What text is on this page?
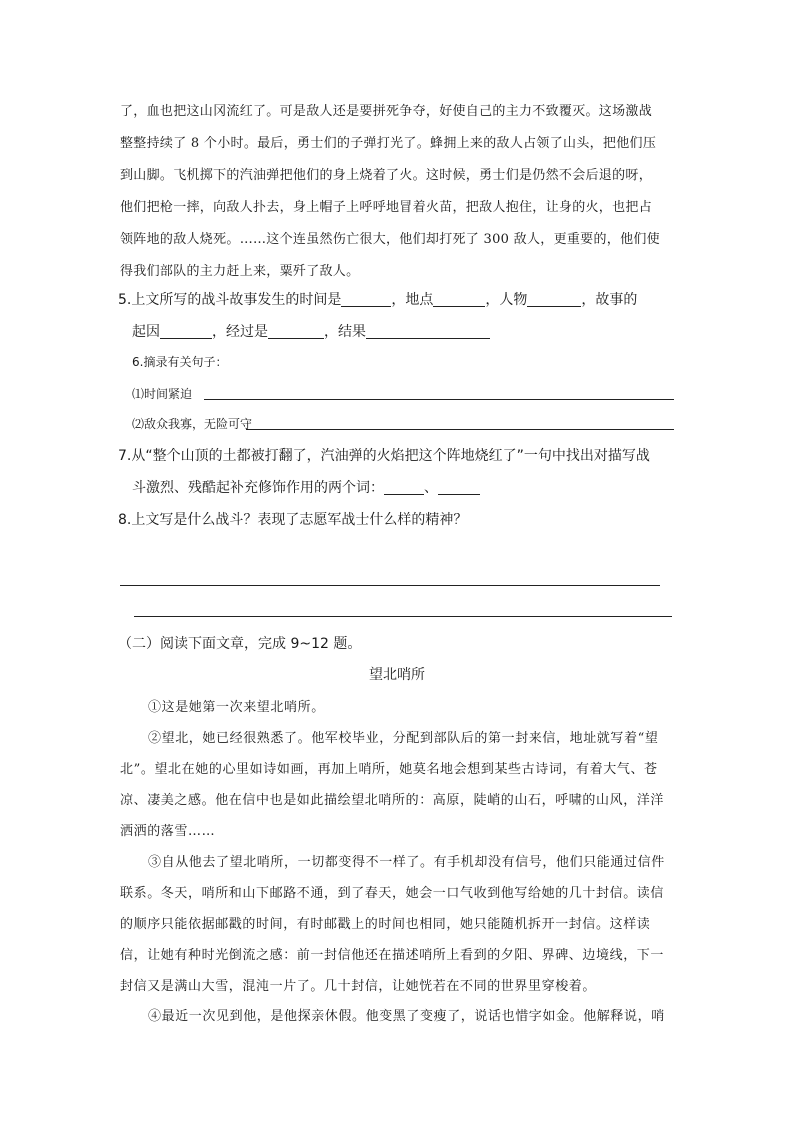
了，血也把这山冈流红了。可是敌人还是要拼死争夺，好使自己的主力不致覆灭。这场激战
整整持续了 8 个小时。最后，勇士们的子弹打光了。蜂拥上来的敌人占领了山头，把他们压
到山脚。飞机掷下的汽油弹把他们的身上烧着了火。这时候，勇士们是仍然不会后退的呀，
他们把枪一摔，向敌人扑去，身上帽子上呼呼地冒着火苗，把敌人抱住，让身的火，也把占
领阵地的敌人烧死。……这个连虽然伤亡很大，他们却打死了 300 敌人，更重要的，他们使
得我们部队的主力赶上来，粟歼了敌人。
5.上文所写的战斗故事发生的时间是	，地点	，人物	，故事的
起因	，经过是	，结果
6.摘录有关句子：
⑴时间紧迫
⑵敌众我寡，无险可守
7.从“整个山顶的土都被打翻了，汽油弹的火焰把这个阵地烧红了”一句中找出对描写战
斗激烈、残酷起补充修饰作用的两个词：	、
8.上文写是什么战斗？表现了志愿军战士什么样的精神？
（二）阅读下面文章，完成 9~12 题。
望北哨所
①这是她第一次来望北哨所。
②望北，她已经很熟悉了。他军校毕业，分配到部队后的第一封来信，地址就写着“望北”。望北在她的心里如诗如画，再加上哨所，她莫名地会想到某些古诗词，有着大气、苍凉、凄美之感。他在信中也是如此描绘望北哨所的：高原，陡峭的山石，呼啸的山风，洋洋洒洒的落雪……
③自从他去了望北哨所，一切都变得不一样了。有手机却没有信号，他们只能通过信件联系。冬天，哨所和山下邮路不通，到了春天，她会一口气收到他写给她的几十封信。读信的顺序只能依据邮戳的时间，有时邮戳上的时间也相同，她只能随机拆开一封信。这样读信，让她有种时光倒流之感：前一封信他还在描述哨所上看到的夕阳、界碑、边境线，下一封信又是满山大雪，混沌一片了。几十封信，让她恍若在不同的世界里穿梭着。
④最近一次见到他，是他探亲休假。他变黑了变瘦了，说话也惜字如金。他解释说，哨
